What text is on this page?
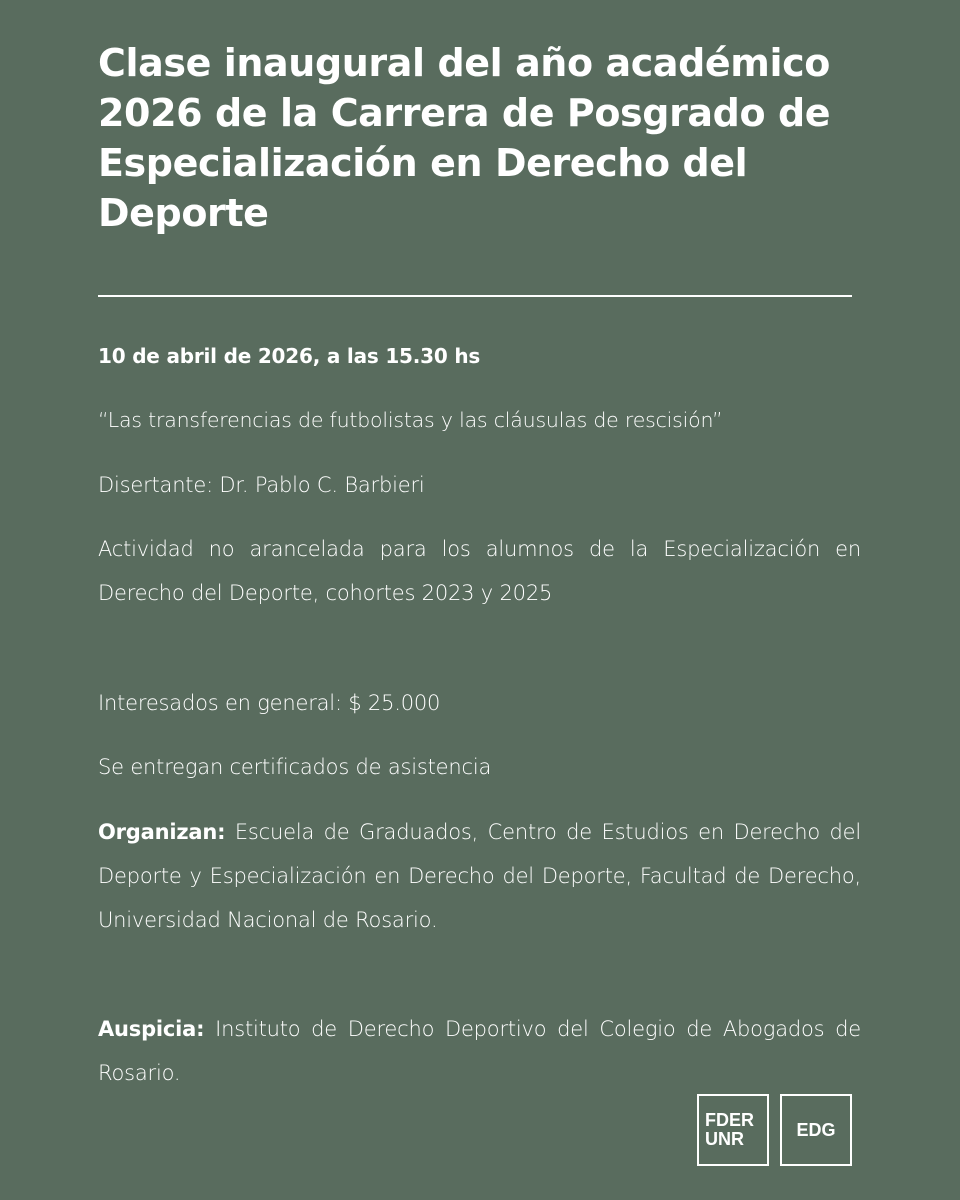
Clase inaugural del año académico 2026 de la Carrera de Posgrado de Especialización en Derecho del Deporte

10 de abril de 2026, a las 15.30 hs

“Las transferencias de futbolistas y las cláusulas de rescisión”

Disertante: Dr. Pablo C. Barbieri

Actividad no arancelada para los alumnos de la Especialización en Derecho del Deporte, cohortes 2023 y 2025

Interesados en general: $ 25.000

Se entregan certificados de asistencia

Organizan: Escuela de Graduados, Centro de Estudios en Derecho del Deporte y Especialización en Derecho del Deporte, Facultad de Derecho, Universidad Nacional de Rosario.

Auspicia: Instituto de Derecho Deportivo del Colegio de Abogados de Rosario.

FDER
UNR	EDG
